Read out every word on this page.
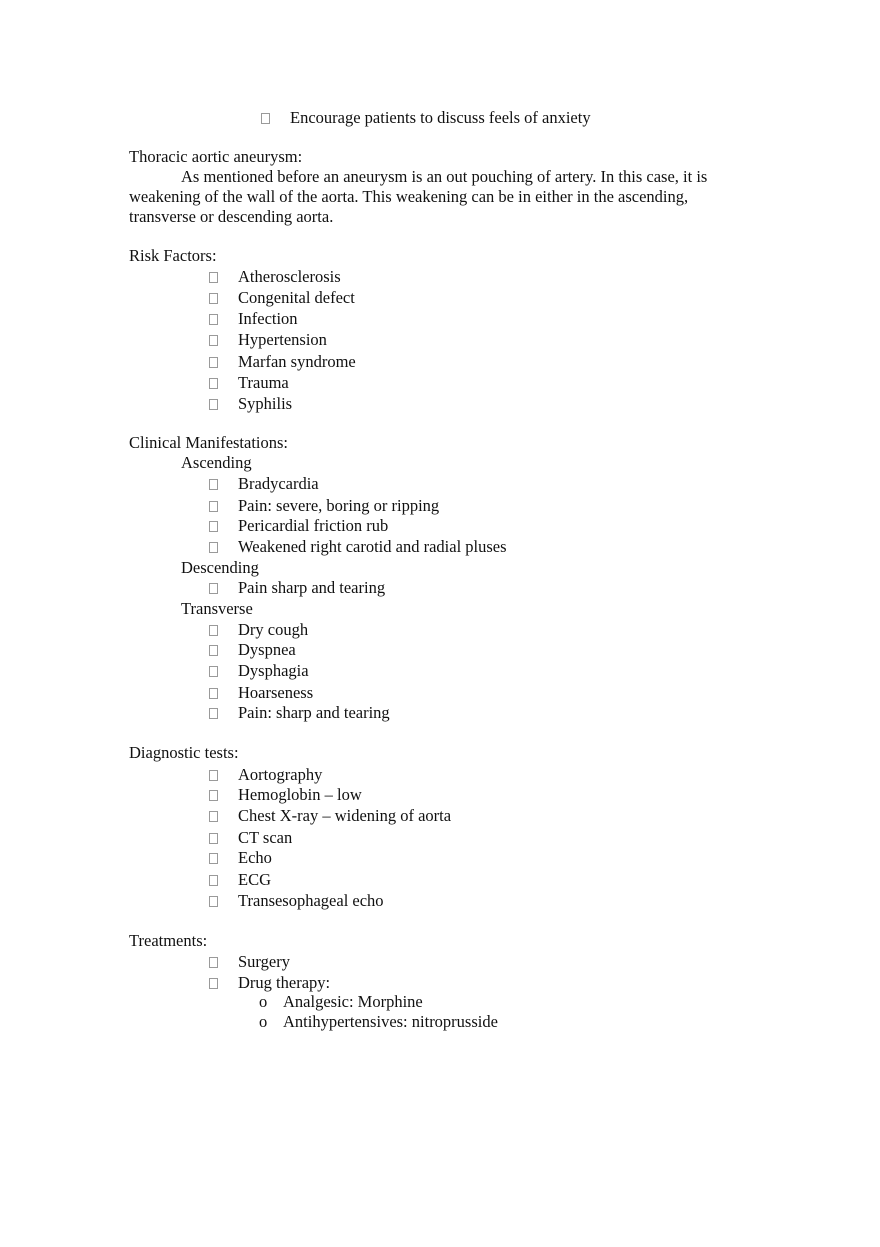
Encourage patients to discuss feels of anxiety
Thoracic aortic aneurysm:
As mentioned before an aneurysm is an out pouching of artery. In this case, it is
weakening of the wall of the aorta. This weakening can be in either in the ascending,
transverse or descending aorta.
Risk Factors:
Atherosclerosis
Congenital defect
Infection
Hypertension
Marfan syndrome
Trauma
Syphilis
Clinical Manifestations:
Ascending
Bradycardia
Pain: severe, boring or ripping
Pericardial friction rub
Weakened right carotid and radial pluses
Descending
Pain sharp and tearing
Transverse
Dry cough
Dyspnea
Dysphagia
Hoarseness
Pain: sharp and tearing
Diagnostic tests:
Aortography
Hemoglobin – low
Chest X-ray – widening of aorta
CT scan
Echo
ECG
Transesophageal echo
Treatments:
Surgery
Drug therapy:
o Analgesic: Morphine
o Antihypertensives: nitroprusside
